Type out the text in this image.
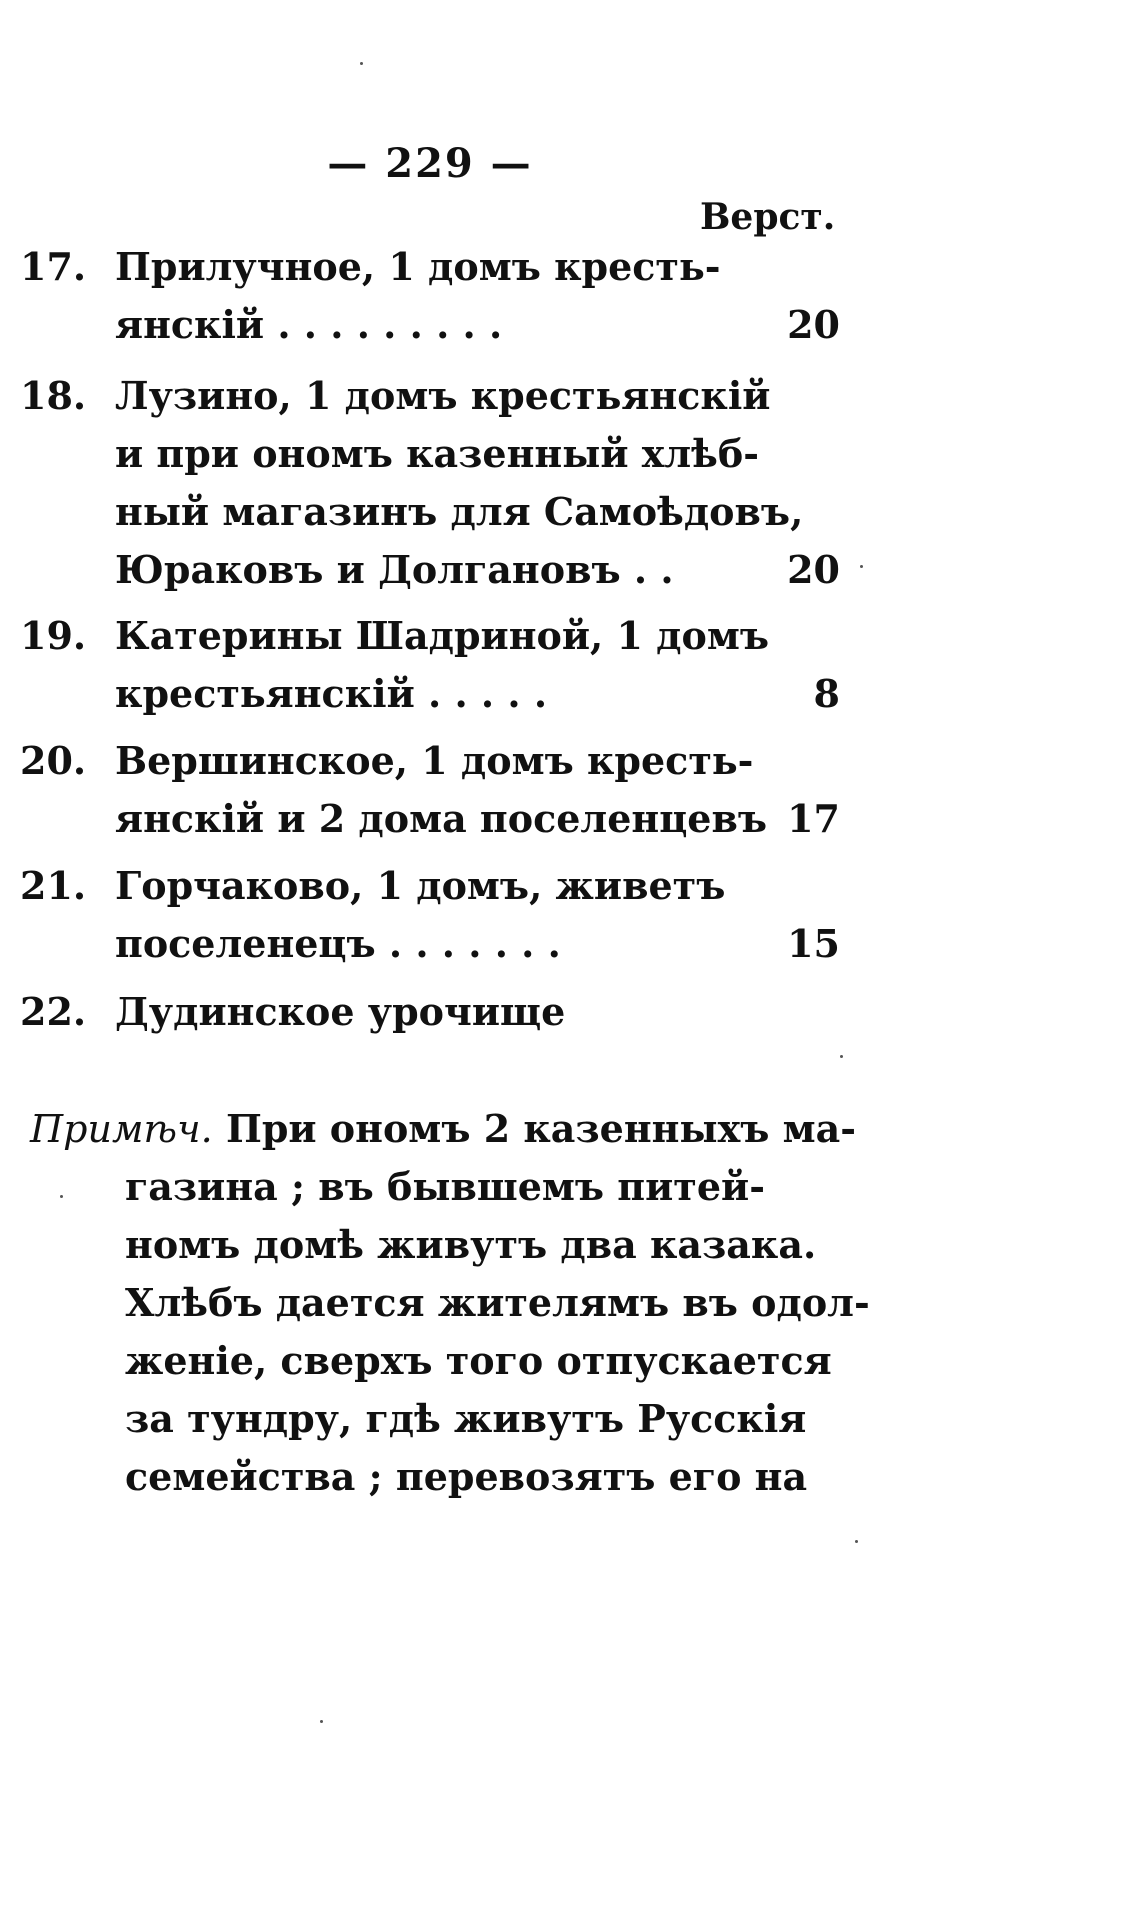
— 229 —
Верст.
17. Прилучное, 1 домъ кресть-
янскій . . . . . . . . .	20
18. Лузино, 1 домъ крестьянскій
и при ономъ казенный хлѣб-
ный магазинъ для Самоѣдовъ,
Юраковъ и Долгановъ . .	20
19. Катерины Шадриной, 1 домъ
крестьянскій . . . . .	8
20. Вершинское, 1 домъ кресть-
янскій и 2 дома поселенцевъ 17
21. Горчаково, 1 домъ, живетъ
поселенецъ . . . . . . .	15
22. Дудинское урочище
Примѣч. При ономъ 2 казенныхъ ма-
газина ; въ бывшемъ питей-
номъ домѣ живутъ два казака.
Хлѣбъ дается жителямъ въ одол-
женіе, сверхъ того отпускается
за тундру, гдѣ живутъ Русскія
семейства ; перевозятъ его на
